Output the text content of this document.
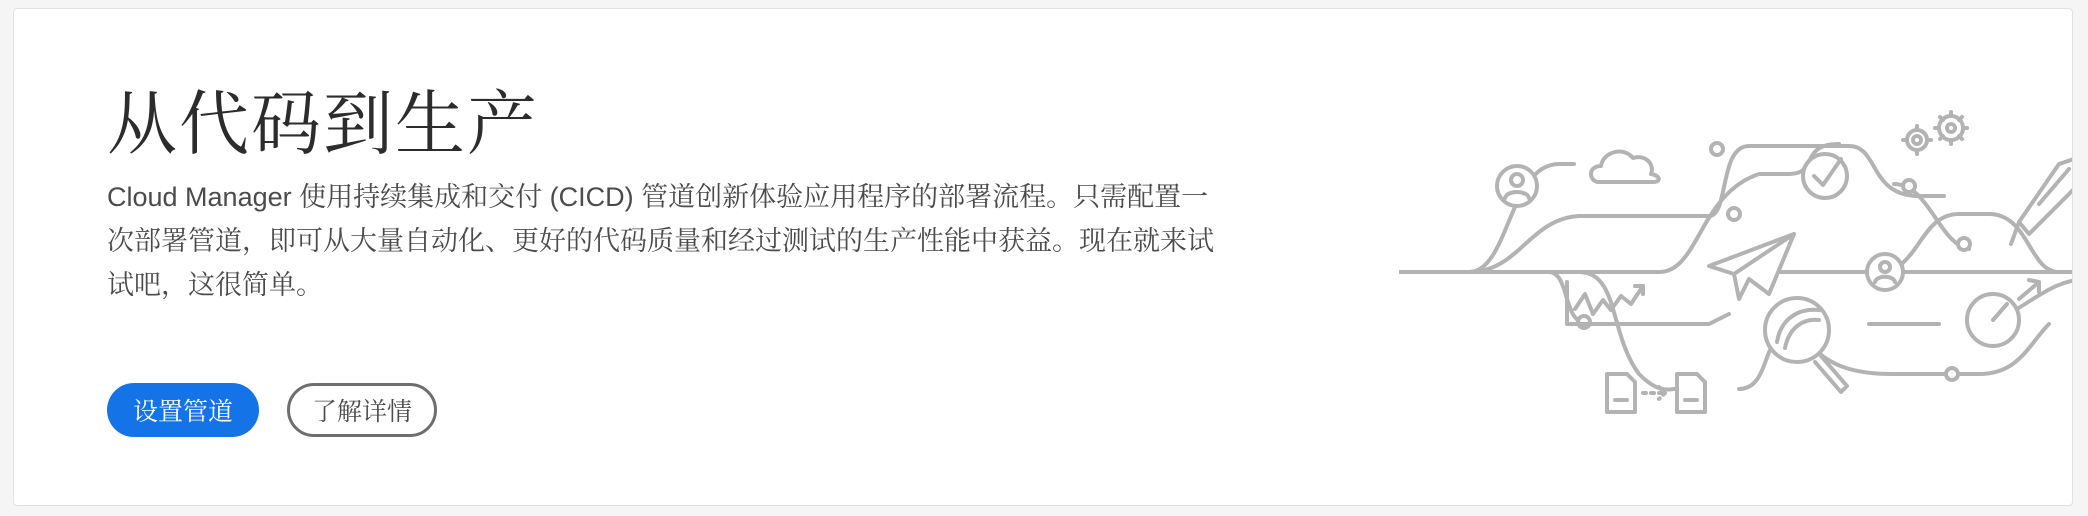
从代码到生产

Cloud Manager 使用持续集成和交付 (CICD) 管道创新体验应用程序的部署流程。只需配置一次部署管道，即可从大量自动化、更好的代码质量和经过测试的生产性能中获益。现在就来试试吧，这很简单。

设置管道	了解详情
